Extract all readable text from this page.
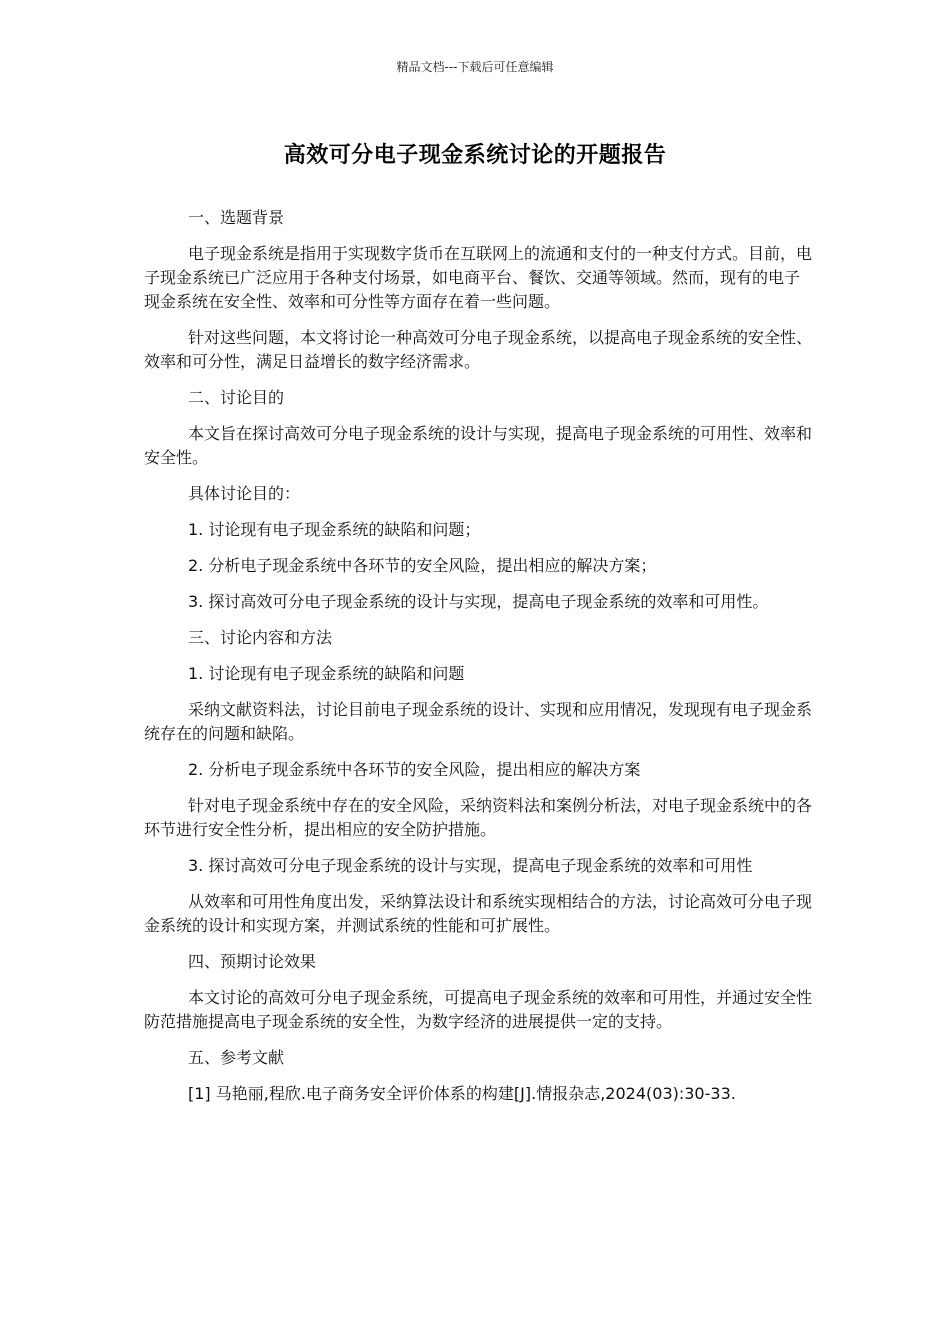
精品文档---下载后可任意编辑
高效可分电子现金系统讨论的开题报告

一、选题背景

电子现金系统是指用于实现数字货币在互联网上的流通和支付的一种支付方式。目前，电子现金系统已广泛应用于各种支付场景，如电商平台、餐饮、交通等领域。然而，现有的电子现金系统在安全性、效率和可分性等方面存在着一些问题。

针对这些问题，本文将讨论一种高效可分电子现金系统，以提高电子现金系统的安全性、效率和可分性，满足日益增长的数字经济需求。

二、讨论目的

本文旨在探讨高效可分电子现金系统的设计与实现，提高电子现金系统的可用性、效率和安全性。

具体讨论目的：

1. 讨论现有电子现金系统的缺陷和问题；

2. 分析电子现金系统中各环节的安全风险，提出相应的解决方案；

3. 探讨高效可分电子现金系统的设计与实现，提高电子现金系统的效率和可用性。

三、讨论内容和方法

1. 讨论现有电子现金系统的缺陷和问题

采纳文献资料法，讨论目前电子现金系统的设计、实现和应用情况，发现现有电子现金系统存在的问题和缺陷。

2. 分析电子现金系统中各环节的安全风险，提出相应的解决方案

针对电子现金系统中存在的安全风险，采纳资料法和案例分析法，对电子现金系统中的各环节进行安全性分析，提出相应的安全防护措施。

3. 探讨高效可分电子现金系统的设计与实现，提高电子现金系统的效率和可用性

从效率和可用性角度出发，采纳算法设计和系统实现相结合的方法，讨论高效可分电子现金系统的设计和实现方案，并测试系统的性能和可扩展性。

四、预期讨论效果

本文讨论的高效可分电子现金系统，可提高电子现金系统的效率和可用性，并通过安全性防范措施提高电子现金系统的安全性，为数字经济的进展提供一定的支持。

五、参考文献

[1] 马艳丽,程欣.电子商务安全评价体系的构建[J].情报杂志,2024(03):30-33.
